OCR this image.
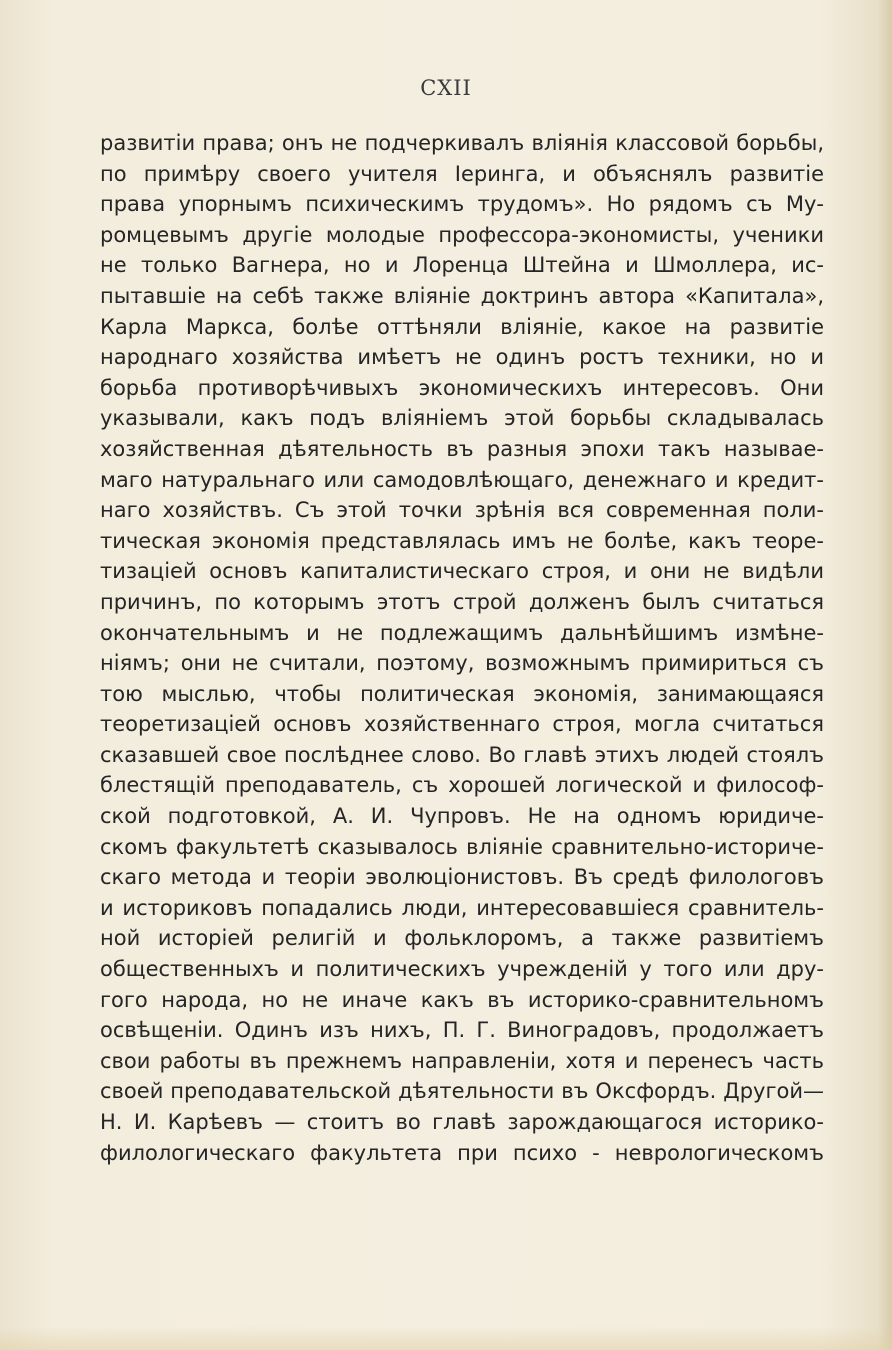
CXII
развитiи права; онъ не подчеркивалъ влiянiя классовой борьбы,
по примѣру своего учителя Iеринга, и объяснялъ развитiе
права упорнымъ психическимъ трудомъ». Но рядомъ съ Му-
ромцевымъ другiе молодые профессора-экономисты, ученики
не только Вагнера, но и Лоренца Штейна и Шмоллера, ис-
пытавшiе на себѣ также влiянiе доктринъ автора «Капитала»,
Карла Маркса, болѣе оттѣняли влiянiе, какое на развитiе
народнаго хозяйства имѣетъ не одинъ ростъ техники, но и
борьба противорѣчивыхъ экономическихъ интересовъ. Они
указывали, какъ подъ влiянiемъ этой борьбы складывалась
хозяйственная дѣятельность въ разныя эпохи такъ называе-
маго натуральнаго или самодовлѣющаго, денежнаго и кредит-
наго хозяйствъ. Съ этой точки зрѣнiя вся современная поли-
тическая экономiя представлялась имъ не болѣе, какъ теоре-
тизацiей основъ капиталистическаго строя, и они не видѣли
причинъ, по которымъ этотъ строй долженъ былъ считаться
окончательнымъ и не подлежащимъ дальнѣйшимъ измѣне-
нiямъ; они не считали, поэтому, возможнымъ примириться съ
тою мыслью, чтобы политическая экономiя, занимающаяся
теоретизацiей основъ хозяйственнаго строя, могла считаться
сказавшей свое послѣднее слово. Во главѣ этихъ людей стоялъ
блестящiй преподаватель, съ хорошей логической и философ-
ской подготовкой, А. И. Чупровъ. Не на одномъ юридиче-
скомъ факультетѣ сказывалось влiянiе сравнительно-историче-
скаго метода и теорiи эволюцiонистовъ. Въ средѣ филологовъ
и историковъ попадались люди, интересовавшiеся сравнитель-
ной исторiей религiй и фольклоромъ, а также развитiемъ
общественныхъ и политическихъ учрежденiй у того или дру-
гого народа, но не иначе какъ въ историко-сравнительномъ
освѣщенiи. Одинъ изъ нихъ, П. Г. Виноградовъ, продолжаетъ
свои работы въ прежнемъ направленiи, хотя и перенесъ часть
своей преподавательской дѣятельности въ Оксфордъ. Другой—
Н. И. Карѣевъ — стоитъ во главѣ зарождающагося историко-
филологическаго факультета при психо - неврологическомъ
